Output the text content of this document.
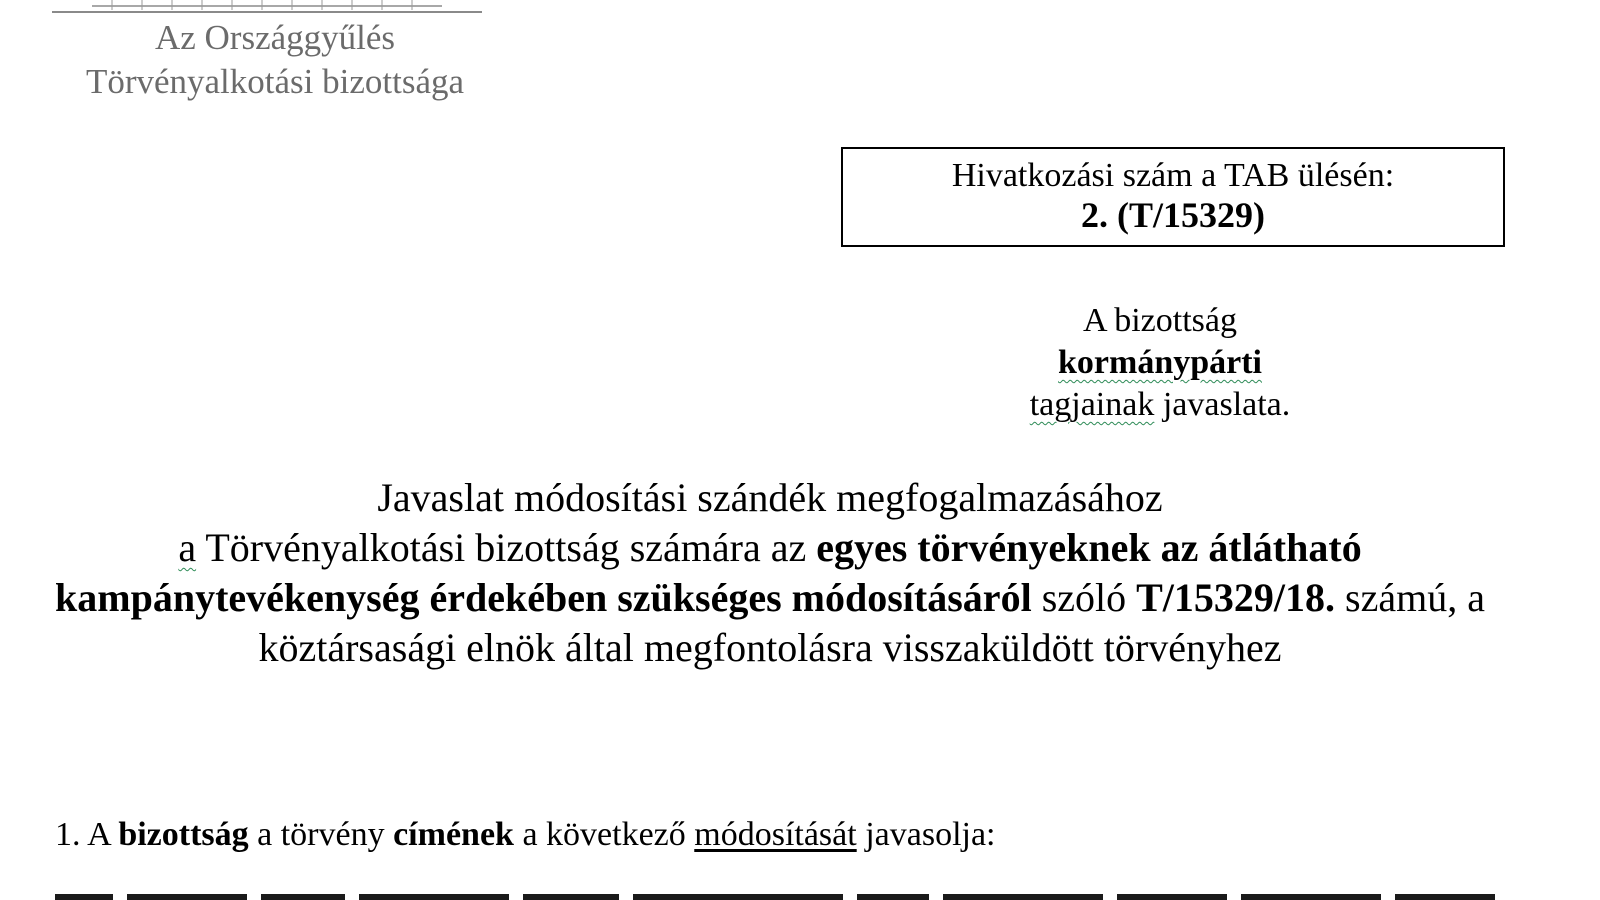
Az Országgyűlés
Törvényalkotási bizottsága
Hivatkozási szám a TAB ülésén:
2. (T/15329)
A bizottság
kormánypárti
tagjainak javaslata.
Javaslat módosítási szándék megfogalmazásához
a Törvényalkotási bizottság számára az egyes törvényeknek az átlátható kampánytevékenység érdekében szükséges módosításáról szóló T/15329/18. számú, a köztársasági elnök által megfontolásra visszaküldött törvényhez
1. A bizottság a törvény címének a következő módosítását javasolja:
